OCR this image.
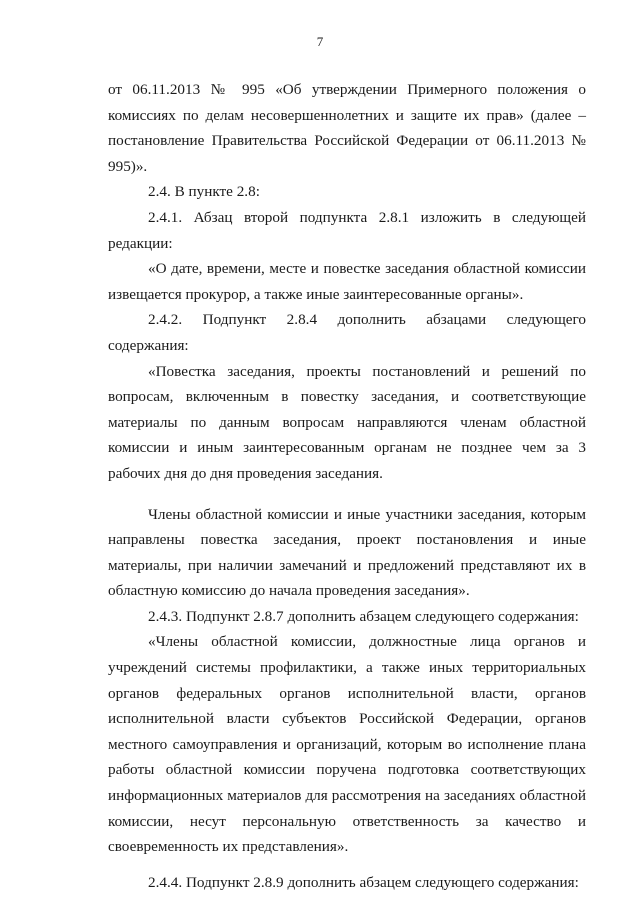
7

от 06.11.2013 № 995 «Об утверждении Примерного положения о комиссиях по делам несовершеннолетних и защите их прав» (далее – постановление Правительства Российской Федерации от 06.11.2013 № 995)».

2.4. В пункте 2.8:

2.4.1. Абзац второй подпункта 2.8.1 изложить в следующей редакции:

«О дате, времени, месте и повестке заседания областной комиссии извещается прокурор, а также иные заинтересованные органы».

2.4.2. Подпункт 2.8.4 дополнить абзацами следующего содержания:

«Повестка заседания, проекты постановлений и решений по вопросам, включенным в повестку заседания, и соответствующие материалы по данным вопросам направляются членам областной комиссии и иным заинтересованным органам не позднее чем за 3 рабочих дня до дня проведения заседания.

Члены областной комиссии и иные участники заседания, которым направлены повестка заседания, проект постановления и иные материалы, при наличии замечаний и предложений представляют их в областную комиссию до начала проведения заседания».

2.4.3. Подпункт 2.8.7 дополнить абзацем следующего содержания:

«Члены областной комиссии, должностные лица органов и учреждений системы профилактики, а также иных территориальных органов федеральных органов исполнительной власти, органов исполнительной власти субъектов Российской Федерации, органов местного самоуправления и организаций, которым во исполнение плана работы областной комиссии поручена подготовка соответствующих информационных материалов для рассмотрения на заседаниях областной комиссии, несут персональную ответственность за качество и своевременность их представления».

2.4.4. Подпункт 2.8.9 дополнить абзацем следующего содержания:
